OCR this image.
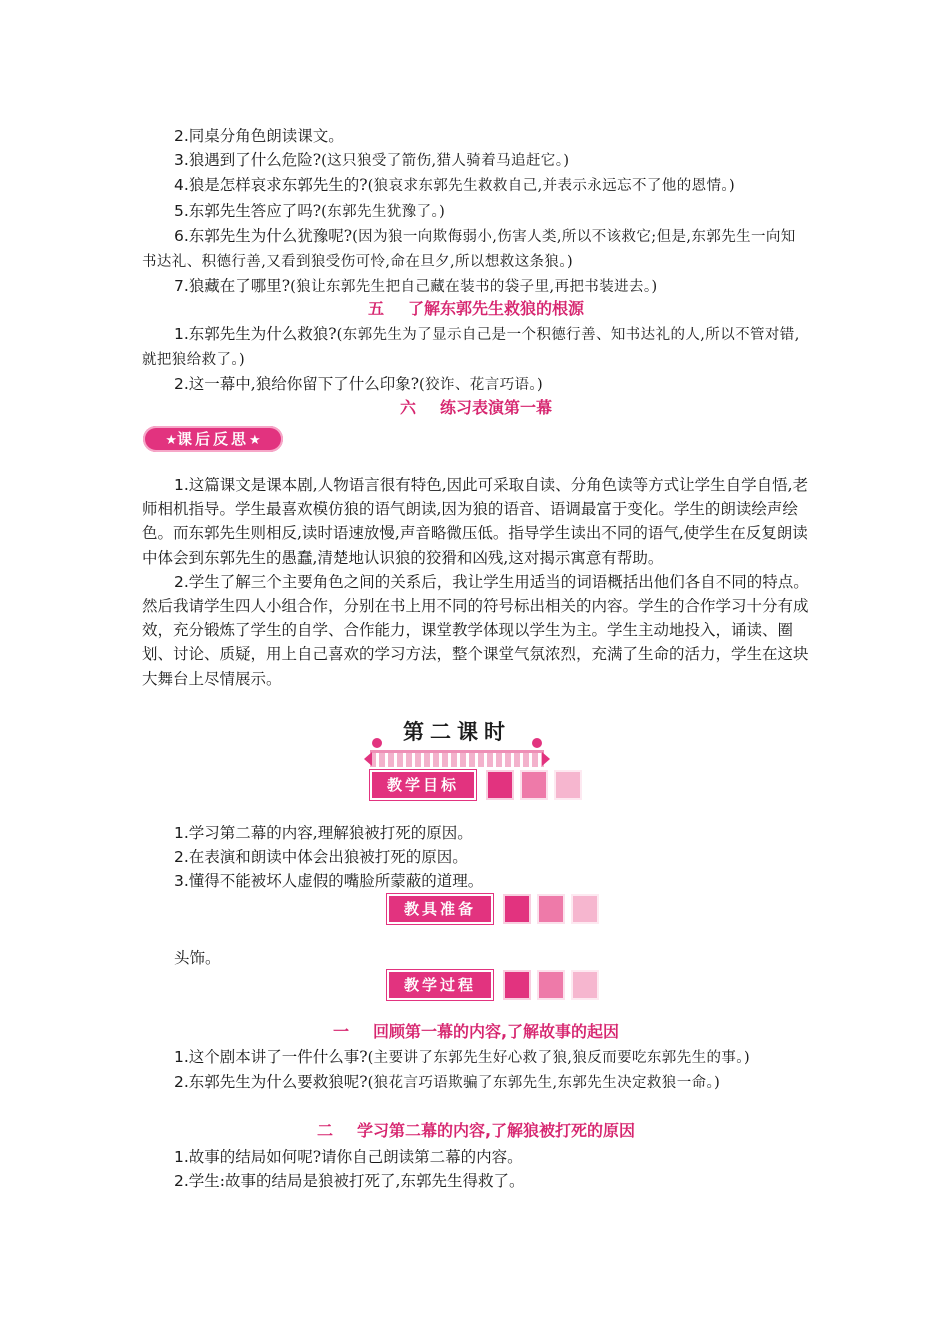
2.同桌分角色朗读课文。

3.狼遇到了什么危险?(这只狼受了箭伤,猎人骑着马追赶它。)

4.狼是怎样哀求东郭先生的?(狼哀求东郭先生救救自己,并表示永远忘不了他的恩情。)

5.东郭先生答应了吗?(东郭先生犹豫了。)

6.东郭先生为什么犹豫呢?(因为狼一向欺侮弱小,伤害人类,所以不该救它;但是,东郭先生一向知书达礼、积德行善,又看到狼受伤可怜,命在旦夕,所以想救这条狼。)

7.狼藏在了哪里?(狼让东郭先生把自己藏在装书的袋子里,再把书装进去。)

五 了解东郭先生救狼的根源

1.东郭先生为什么救狼?(东郭先生为了显示自己是一个积德行善、知书达礼的人,所以不管对错,就把狼给救了。)

2.这一幕中,狼给你留下了什么印象?(狡诈、花言巧语。)

六 练习表演第一幕
★课后反思★

1.这篇课文是课本剧,人物语言很有特色,因此可采取自读、分角色读等方式让学生自学自悟,老师相机指导。学生最喜欢模仿狼的语气朗读,因为狼的语音、语调最富于变化。学生的朗读绘声绘色。而东郭先生则相反,读时语速放慢,声音略微压低。指导学生读出不同的语气,使学生在反复朗读中体会到东郭先生的愚蠢,清楚地认识狼的狡猾和凶残,这对揭示寓意有帮助。

2.学生了解三个主要角色之间的关系后，我让学生用适当的词语概括出他们各自不同的特点。然后我请学生四人小组合作，分别在书上用不同的符号标出相关的内容。学生的合作学习十分有成效，充分锻炼了学生的自学、合作能力，课堂教学体现以学生为主。学生主动地投入，诵读、圈划、讨论、质疑，用上自己喜欢的学习方法，整个课堂气氛浓烈，充满了生命的活力，学生在这块大舞台上尽情展示。

第二课时
教学目标

1.学习第二幕的内容,理解狼被打死的原因。

2.在表演和朗读中体会出狼被打死的原因。

3.懂得不能被坏人虚假的嘴脸所蒙蔽的道理。

教具准备

头饰。

教学过程
一 回顾第一幕的内容,了解故事的起因

1.这个剧本讲了一件什么事?(主要讲了东郭先生好心救了狼,狼反而要吃东郭先生的事。)

2.东郭先生为什么要救狼呢?(狼花言巧语欺骗了东郭先生,东郭先生决定救狼一命。)

二 学习第二幕的内容,了解狼被打死的原因

1.故事的结局如何呢?请你自己朗读第二幕的内容。

2.学生:故事的结局是狼被打死了,东郭先生得救了。
